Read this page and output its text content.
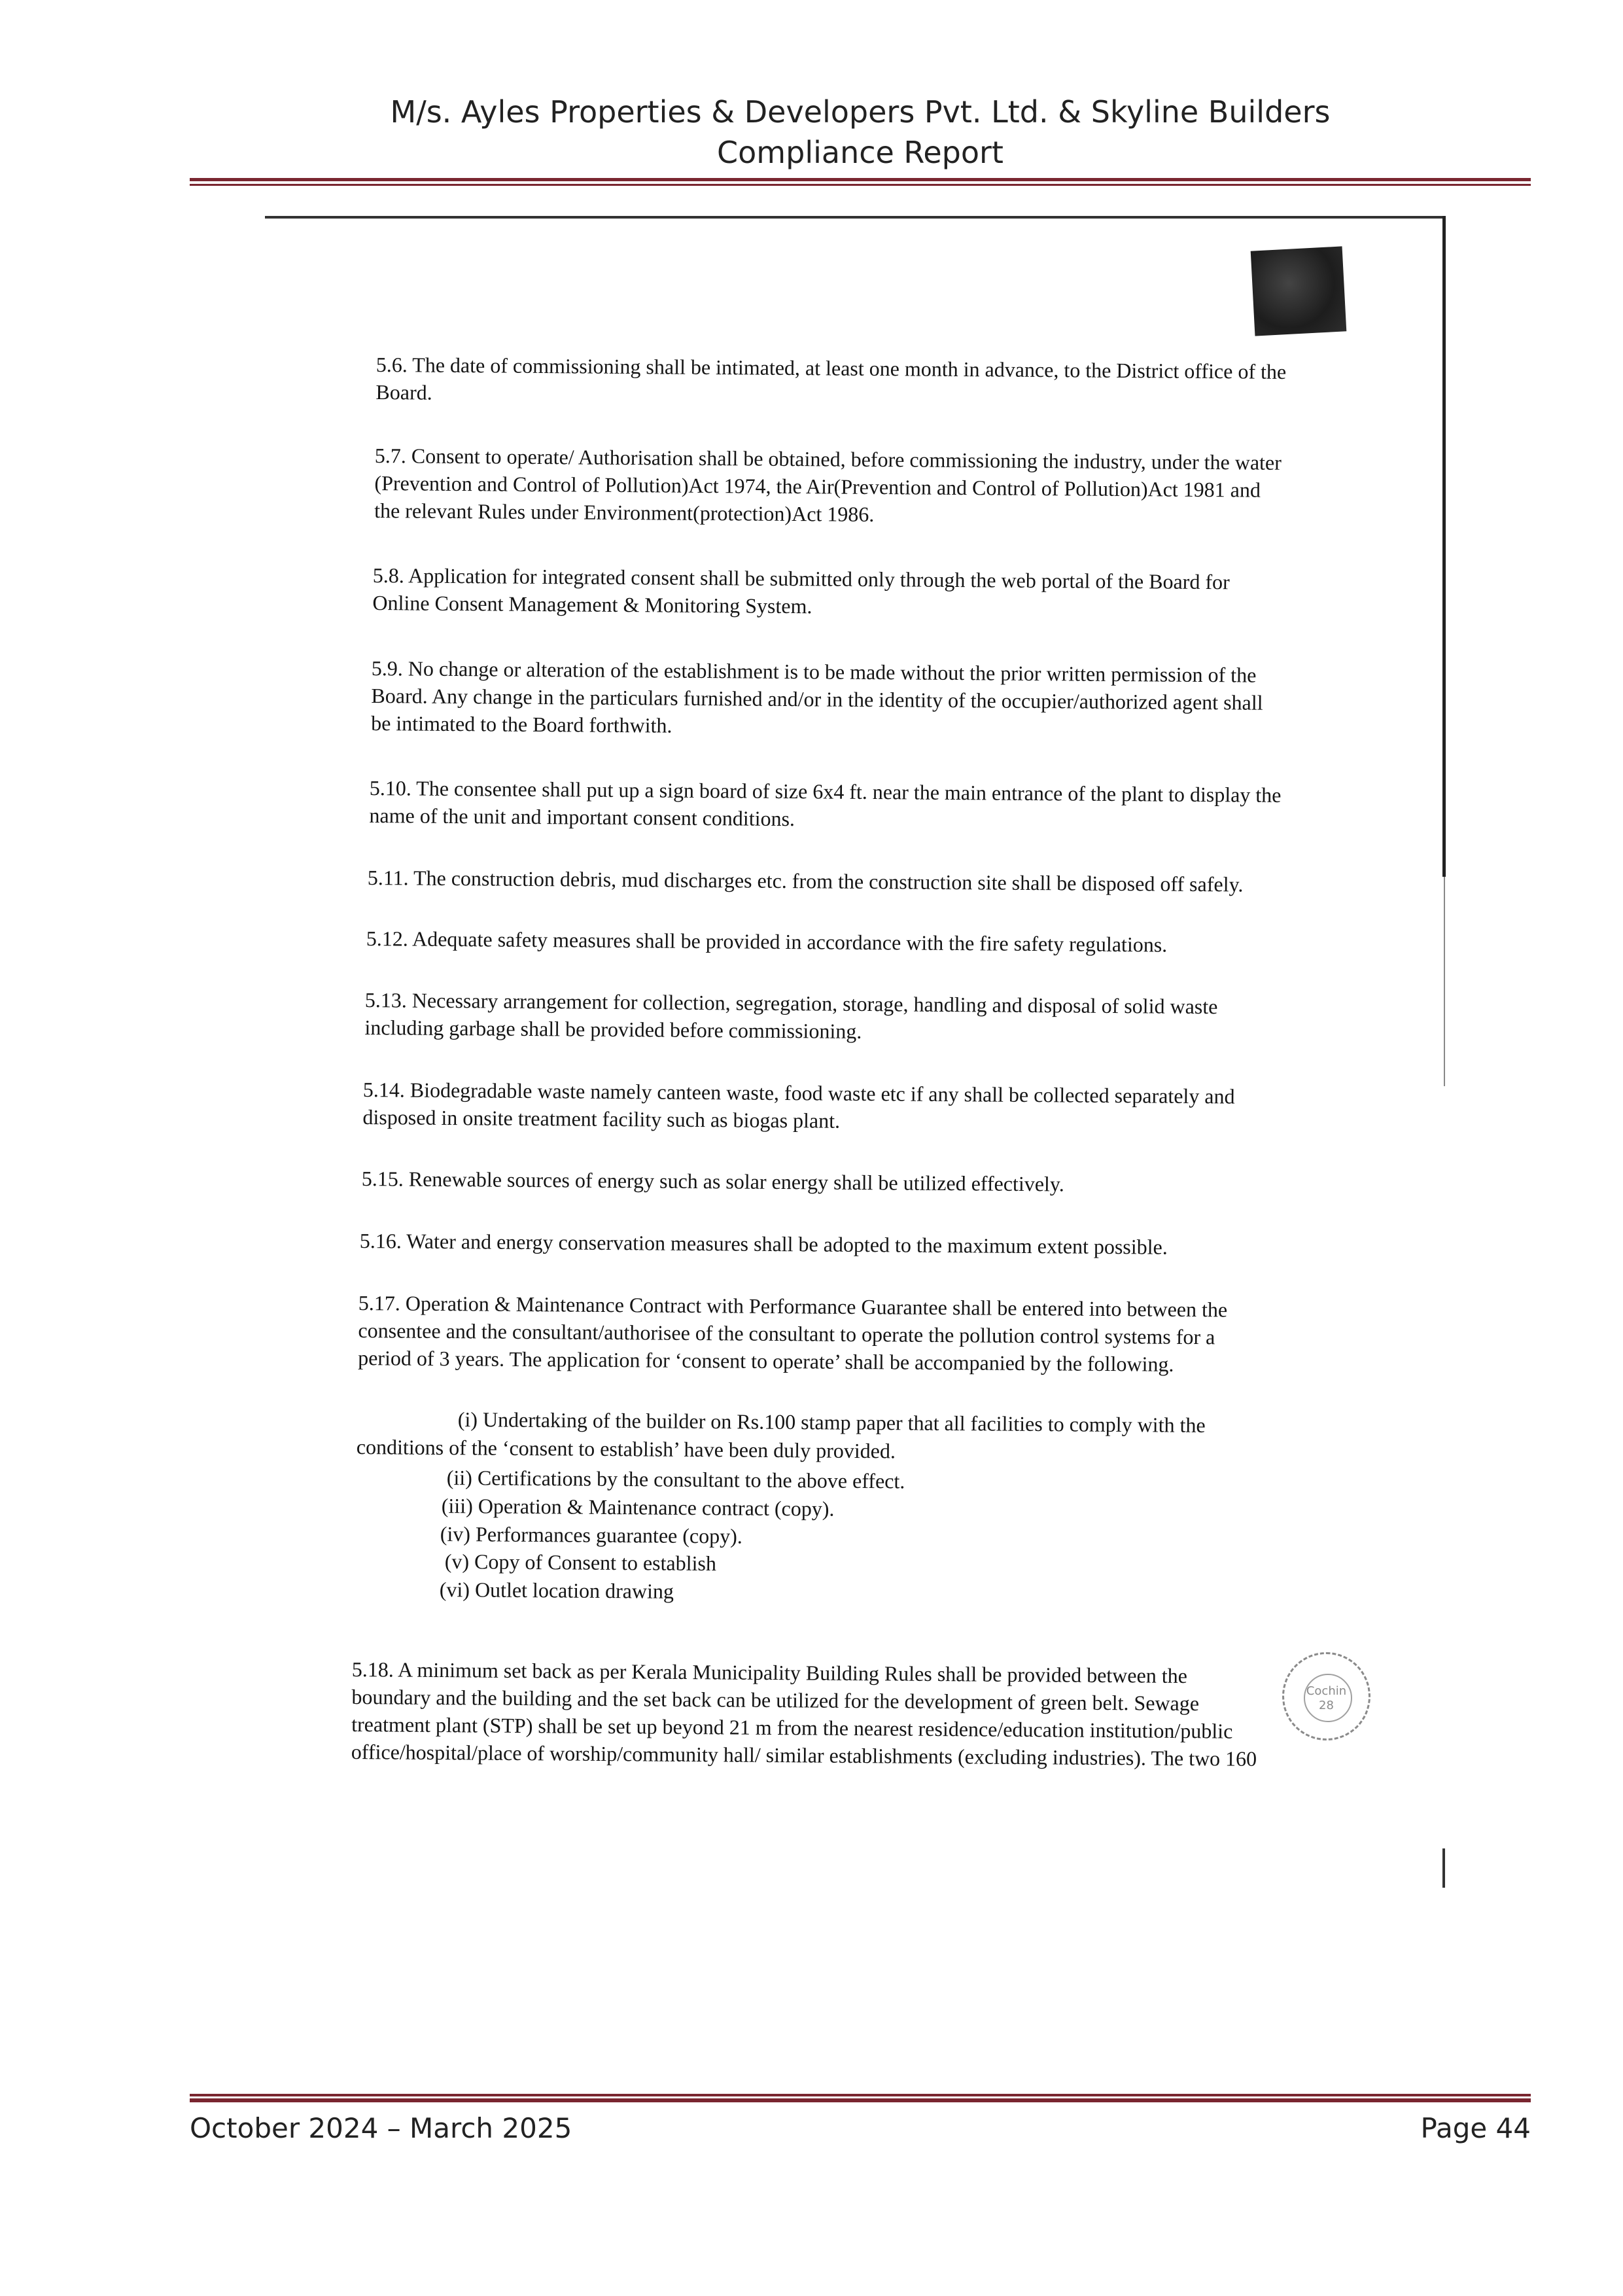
M/s. Ayles Properties & Developers Pvt. Ltd. & Skyline Builders
Compliance Report
5.6. The date of commissioning shall be intimated, at least one month in advance, to the District office of the
Board.
5.7. Consent to operate/ Authorisation shall be obtained, before commissioning the industry, under the water
(Prevention and Control of Pollution)Act 1974, the Air(Prevention and Control of Pollution)Act 1981 and
the relevant Rules under Environment(protection)Act 1986.
5.8. Application for integrated consent shall be submitted only through the web portal of the Board for
Online Consent Management & Monitoring System.
5.9. No change or alteration of the establishment is to be made without the prior written permission of the
Board. Any change in the particulars furnished and/or in the identity of the occupier/authorized agent shall
be intimated to the Board forthwith.
5.10. The consentee shall put up a sign board of size 6x4 ft. near the main entrance of the plant to display the
name of the unit and important consent conditions.
5.11. The construction debris, mud discharges etc. from the construction site shall be disposed off safely.
5.12. Adequate safety measures shall be provided in accordance with the fire safety regulations.
5.13. Necessary arrangement for collection, segregation, storage, handling and disposal of solid waste
including garbage shall be provided before commissioning.
5.14. Biodegradable waste namely canteen waste, food waste etc if any shall be collected separately and
disposed in onsite treatment facility such as biogas plant.
5.15. Renewable sources of energy such as solar energy shall be utilized effectively.
5.16. Water and energy conservation measures shall be adopted to the maximum extent possible.
5.17. Operation & Maintenance Contract with Performance Guarantee shall be entered into between the
consentee and the consultant/authorisee of the consultant to operate the pollution control systems for a
period of 3 years. The application for ‘consent to operate’ shall be accompanied by the following.
(i) Undertaking of the builder on Rs.100 stamp paper that all facilities to comply with the
conditions of the ‘consent to establish’ have been duly provided.
(ii) Certifications by the consultant to the above effect.
(iii) Operation & Maintenance contract (copy).
(iv) Performances guarantee (copy).
(v) Copy of Consent to establish
(vi) Outlet location drawing
5.18. A minimum set back as per Kerala Municipality Building Rules shall be provided between the
boundary and the building and the set back can be utilized for the development of green belt. Sewage
treatment plant (STP) shall be set up beyond 21 m from the nearest residence/education institution/public
office/hospital/place of worship/community hall/ similar establishments (excluding industries). The two 160
Cochin
28
October 2024 – March 2025	Page 44
